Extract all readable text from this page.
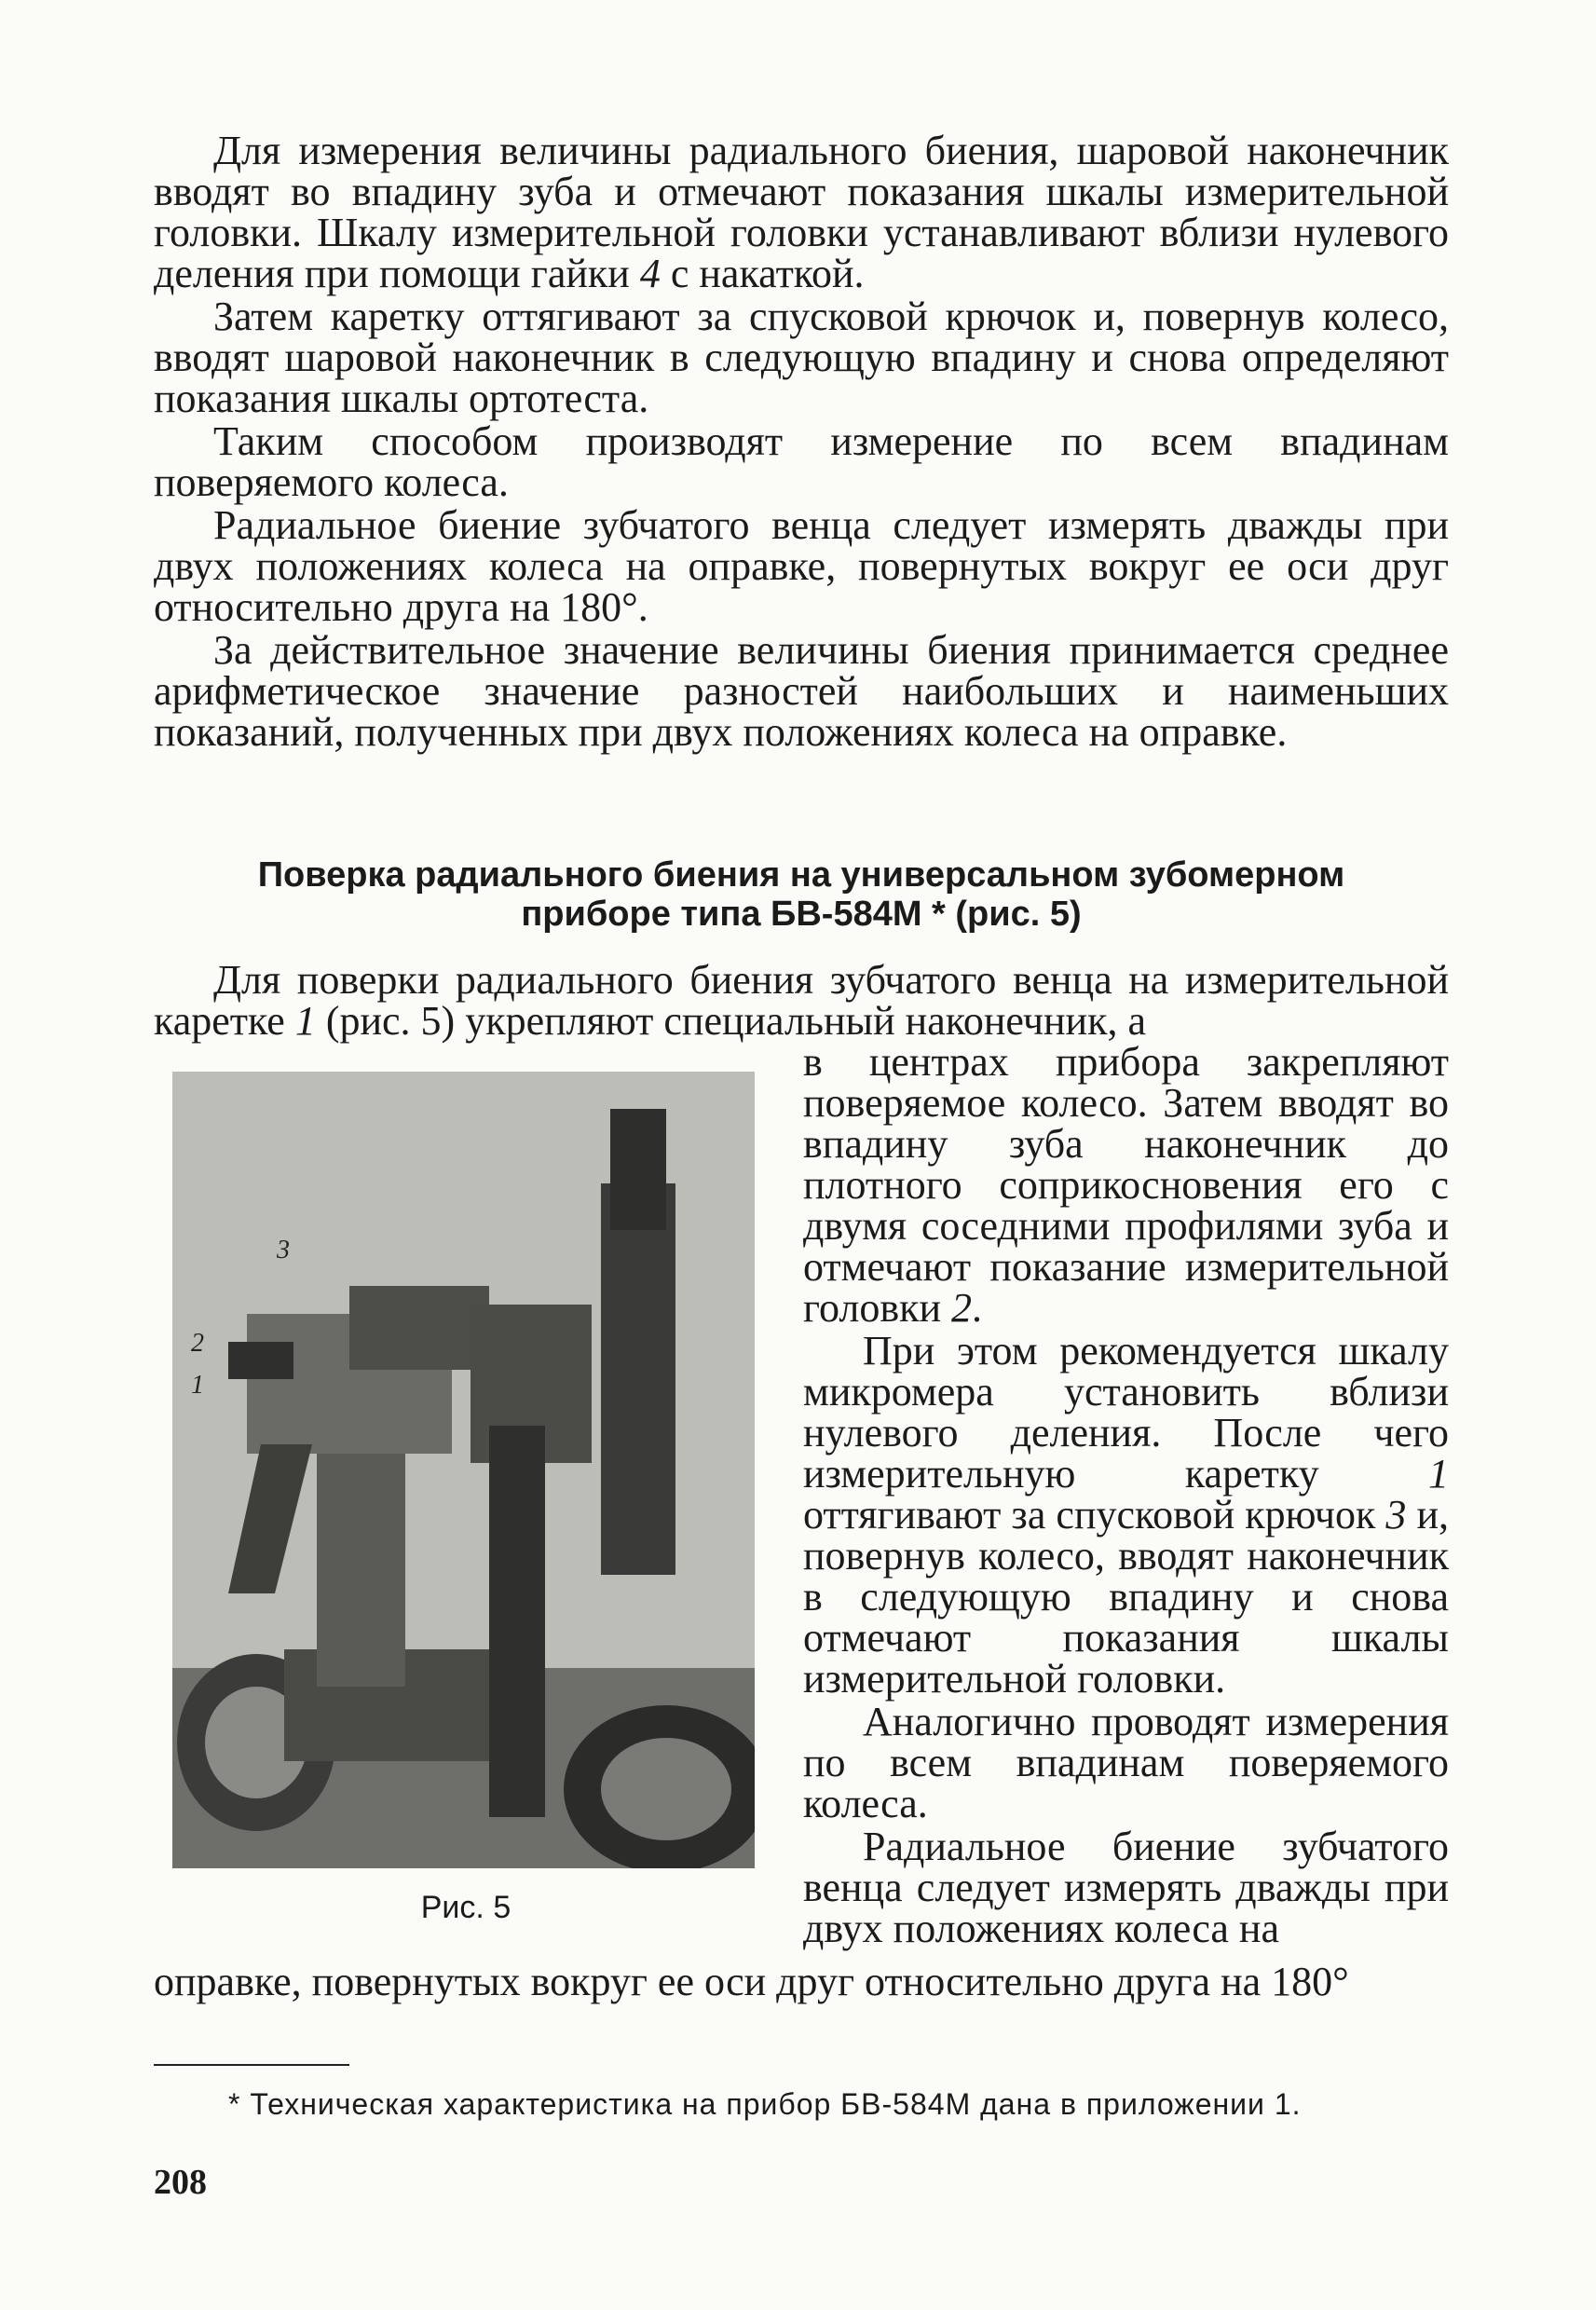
Для измерения величины радиального биения, шаровой наконечник вводят во впадину зуба и отмечают показания шкалы измерительной головки. Шкалу измерительной головки устанавливают вблизи нулевого деления при помощи гайки 4 с накаткой.

Затем каретку оттягивают за спусковой крючок и, повернув колесо, вводят шаровой наконечник в следующую впадину и снова определяют показания шкалы ортотеста.

Таким способом производят измерение по всем впадинам поверяемого колеса.

Радиальное биение зубчатого венца следует измерять дважды при двух положениях колеса на оправке, повернутых вокруг ее оси друг относительно друга на 180°.

За действительное значение величины биения принимается среднее арифметическое значение разностей наибольших и наименьших показаний, полученных при двух положениях колеса на оправке.

Поверка радиального биения на универсальном зубомерном
приборе типа БВ-584М * (рис. 5)

Для поверки радиального биения зубчатого венца на измерительной каретке 1 (рис. 5) укрепляют специальный наконечник, а

3
2
1
Рис. 5

в центрах прибора закрепляют поверяемое колесо. Затем вводят во впадину зуба наконечник до плотного соприкосновения его с двумя соседними профилями зуба и отмечают показание измерительной головки 2.

При этом рекомендуется шкалу микромера установить вблизи нулевого деления. После чего измерительную каретку	1 оттягивают за спусковой крючок 3 и, повернув колесо, вводят наконечник в следующую впадину и снова отмечают показания шкалы измерительной головки.

Аналогично проводят измерения по всем впадинам поверяемого колеса.

Радиальное биение зубчатого венца следует измерять дважды при двух положениях колеса на

оправке, повернутых вокруг ее оси друг относительно друга на 180°

* Техническая характеристика на прибор БВ-584М дана в приложении 1.
208
